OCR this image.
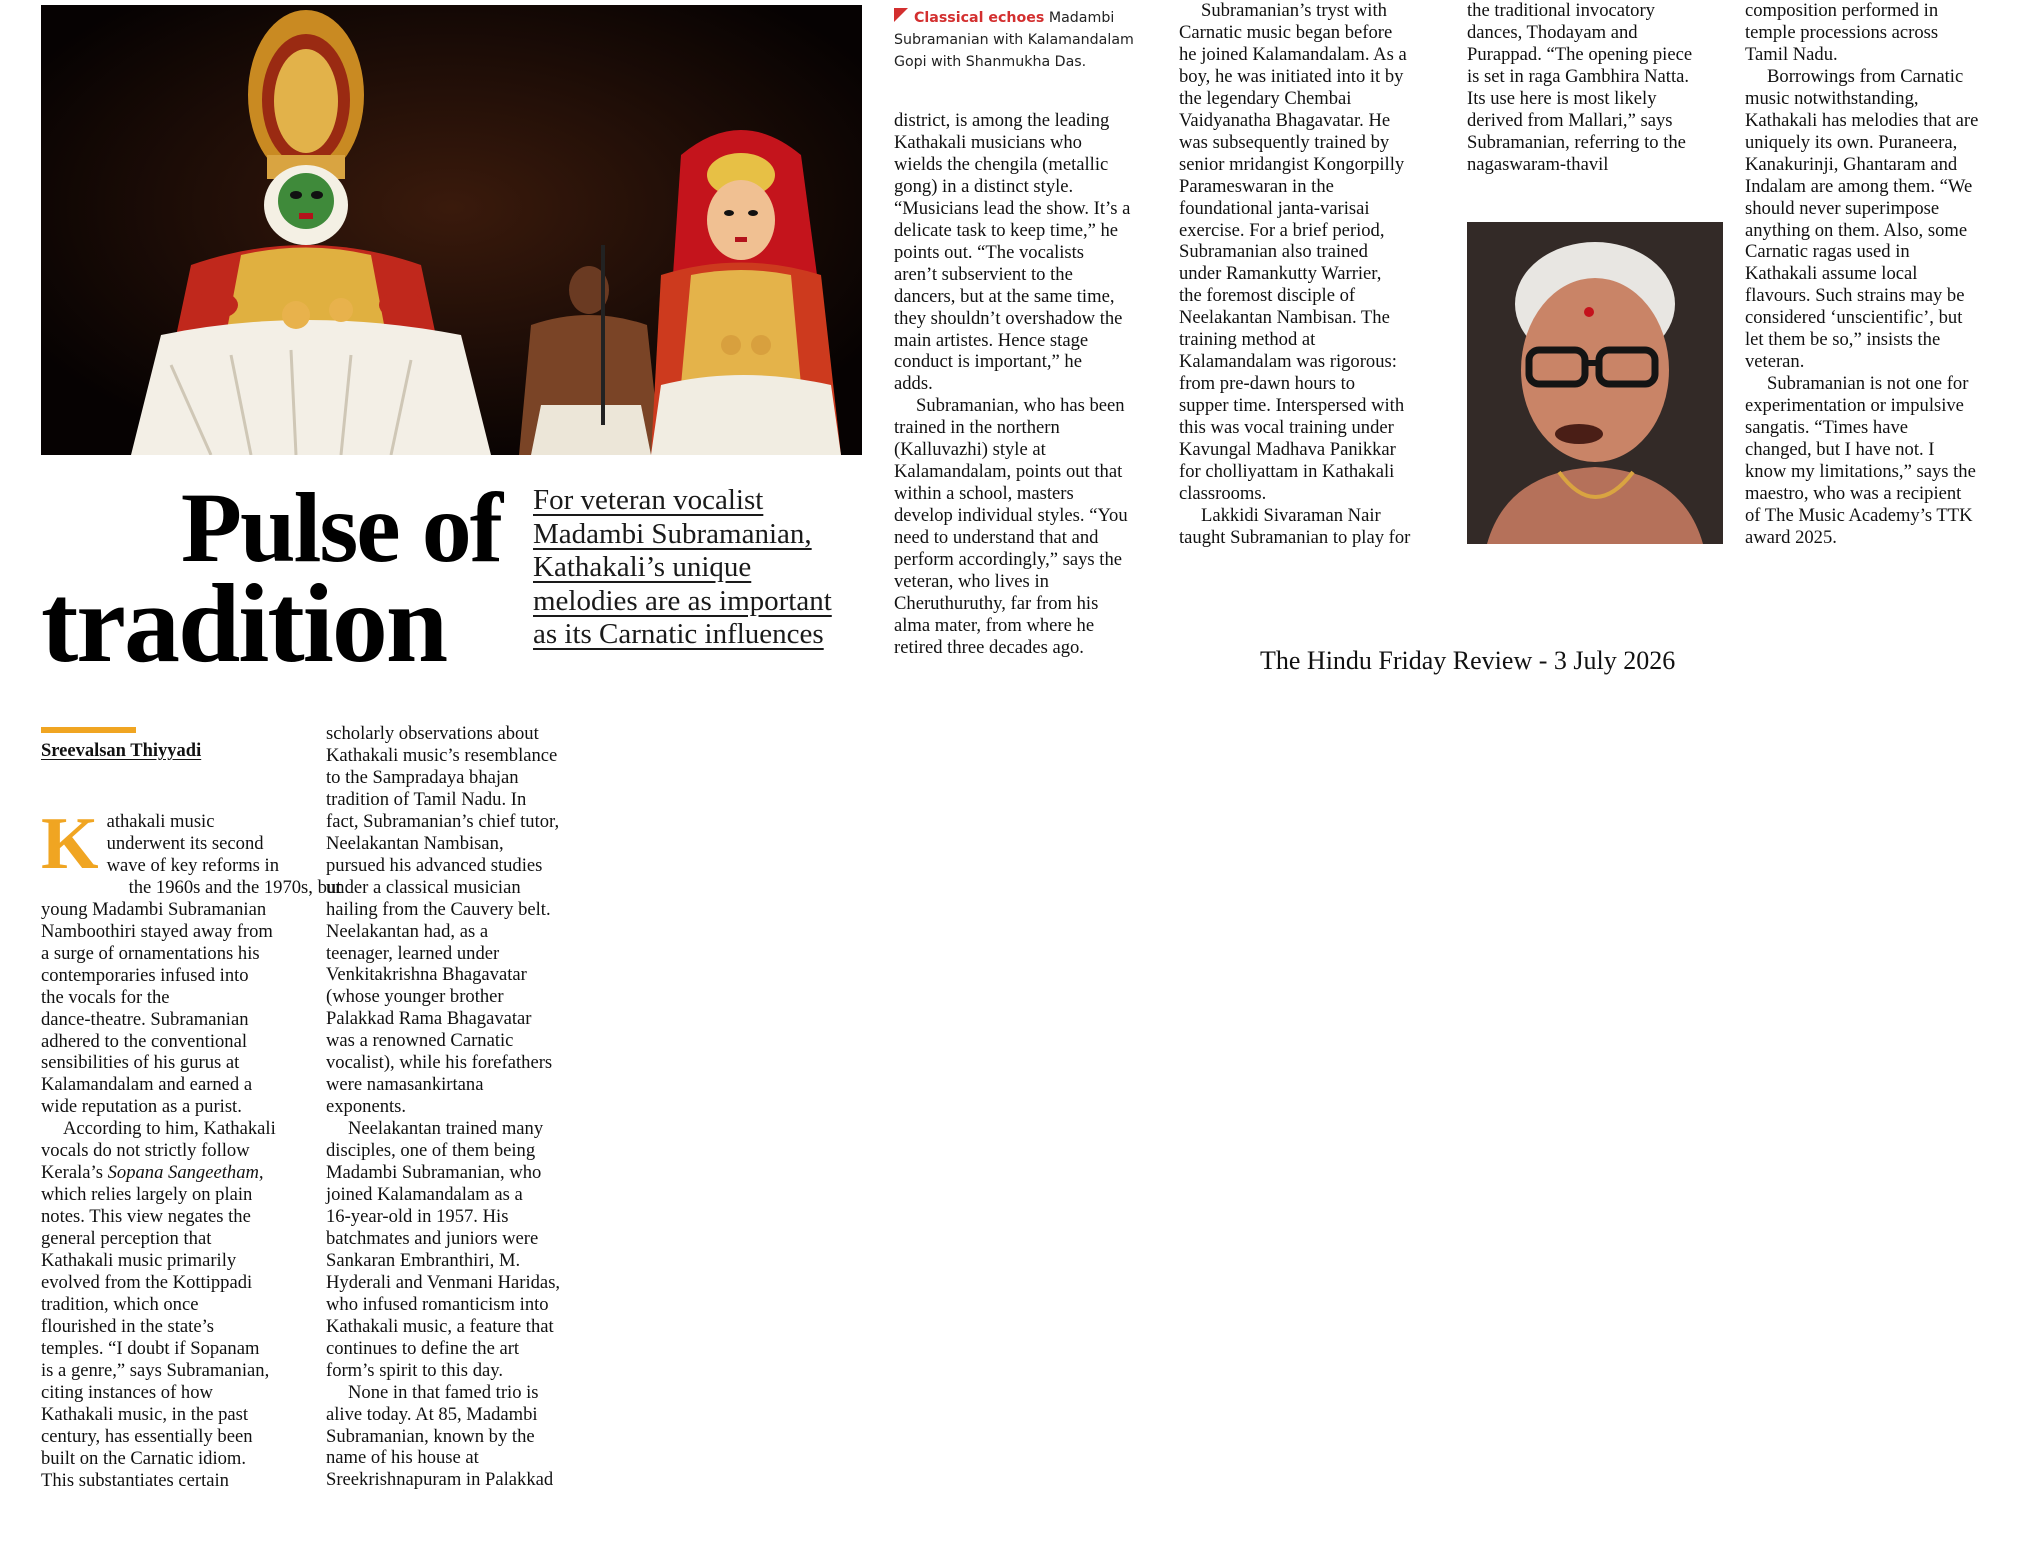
Pulse of
tradition
For veteran vocalist
Madambi Subramanian,
Kathakali’s unique
melodies are as important
as its Carnatic influences
Sreevalsan Thiyyadi
K athakali music
underwent its second
wave of key reforms in

the 1960s and the 1970s, but
young Madambi Subramanian
Namboothiri stayed away from
a surge of ornamentations his
contemporaries infused into
the vocals for the
dance-theatre. Subramanian
adhered to the conventional
sensibilities of his gurus at
Kalamandalam and earned a
wide reputation as a purist.

According to him, Kathakali
vocals do not strictly follow
Kerala’s Sopana Sangeetham,
which relies largely on plain
notes. This view negates the
general perception that
Kathakali music primarily
evolved from the Kottippadi
tradition, which once
flourished in the state’s
temples. “I doubt if Sopanam
is a genre,” says Subramanian,
citing instances of how
Kathakali music, in the past
century, has essentially been
built on the Carnatic idiom.
This substantiates certain

scholarly observations about
Kathakali music’s resemblance
to the Sampradaya bhajan
tradition of Tamil Nadu. In
fact, Subramanian’s chief tutor,
Neelakantan Nambisan,
pursued his advanced studies
under a classical musician
hailing from the Cauvery belt.
Neelakantan had, as a
teenager, learned under
Venkitakrishna Bhagavatar
(whose younger brother
Palakkad Rama Bhagavatar
was a renowned Carnatic
vocalist), while his forefathers
were namasankirtana
exponents.

Neelakantan trained many
disciples, one of them being
Madambi Subramanian, who
joined Kalamandalam as a
16-year-old in 1957. His
batchmates and juniors were
Sankaran Embranthiri, M.
Hyderali and Venmani Haridas,
who infused romanticism into
Kathakali music, a feature that
continues to define the art
form’s spirit to this day.

None in that famed trio is
alive today. At 85, Madambi
Subramanian, known by the
name of his house at
Sreekrishnapuram in Palakkad

Classical echoes Madambi
Subramanian with Kalamandalam
Gopi with Shanmukha Das.

district, is among the leading
Kathakali musicians who
wields the chengila (metallic
gong) in a distinct style.
“Musicians lead the show. It’s a
delicate task to keep time,” he
points out. “The vocalists
aren’t subservient to the
dancers, but at the same time,
they shouldn’t overshadow the
main artistes. Hence stage
conduct is important,” he
adds.

Subramanian, who has been
trained in the northern
(Kalluvazhi) style at
Kalamandalam, points out that
within a school, masters
develop individual styles. “You
need to understand that and
perform accordingly,” says the
veteran, who lives in
Cheruthuruthy, far from his
alma mater, from where he
retired three decades ago.

Subramanian’s tryst with
Carnatic music began before
he joined Kalamandalam. As a
boy, he was initiated into it by
the legendary Chembai
Vaidyanatha Bhagavatar. He
was subsequently trained by
senior mridangist Kongorpilly
Parameswaran in the
foundational janta-varisai
exercise. For a brief period,
Subramanian also trained
under Ramankutty Warrier,
the foremost disciple of
Neelakantan Nambisan. The
training method at
Kalamandalam was rigorous:
from pre-dawn hours to
supper time. Interspersed with
this was vocal training under
Kavungal Madhava Panikkar
for cholliyattam in Kathakali
classrooms.

Lakkidi Sivaraman Nair
taught Subramanian to play for

the traditional invocatory
dances, Thodayam and
Purappad. “The opening piece
is set in raga Gambhira Natta.
Its use here is most likely
derived from Mallari,” says
Subramanian, referring to the
nagaswaram-thavil

composition performed in
temple processions across
Tamil Nadu.

Borrowings from Carnatic
music notwithstanding,
Kathakali has melodies that are
uniquely its own. Puraneera,
Kanakurinji, Ghantaram and
Indalam are among them. “We
should never superimpose
anything on them. Also, some
Carnatic ragas used in
Kathakali assume local
flavours. Such strains may be
considered ‘unscientific’, but
let them be so,” insists the
veteran.

Subramanian is not one for
experimentation or impulsive
sangatis. “Times have
changed, but I have not. I
know my limitations,” says the
maestro, who was a recipient
of The Music Academy’s TTK
award 2025.

The Hindu Friday Review - 3 July 2026
